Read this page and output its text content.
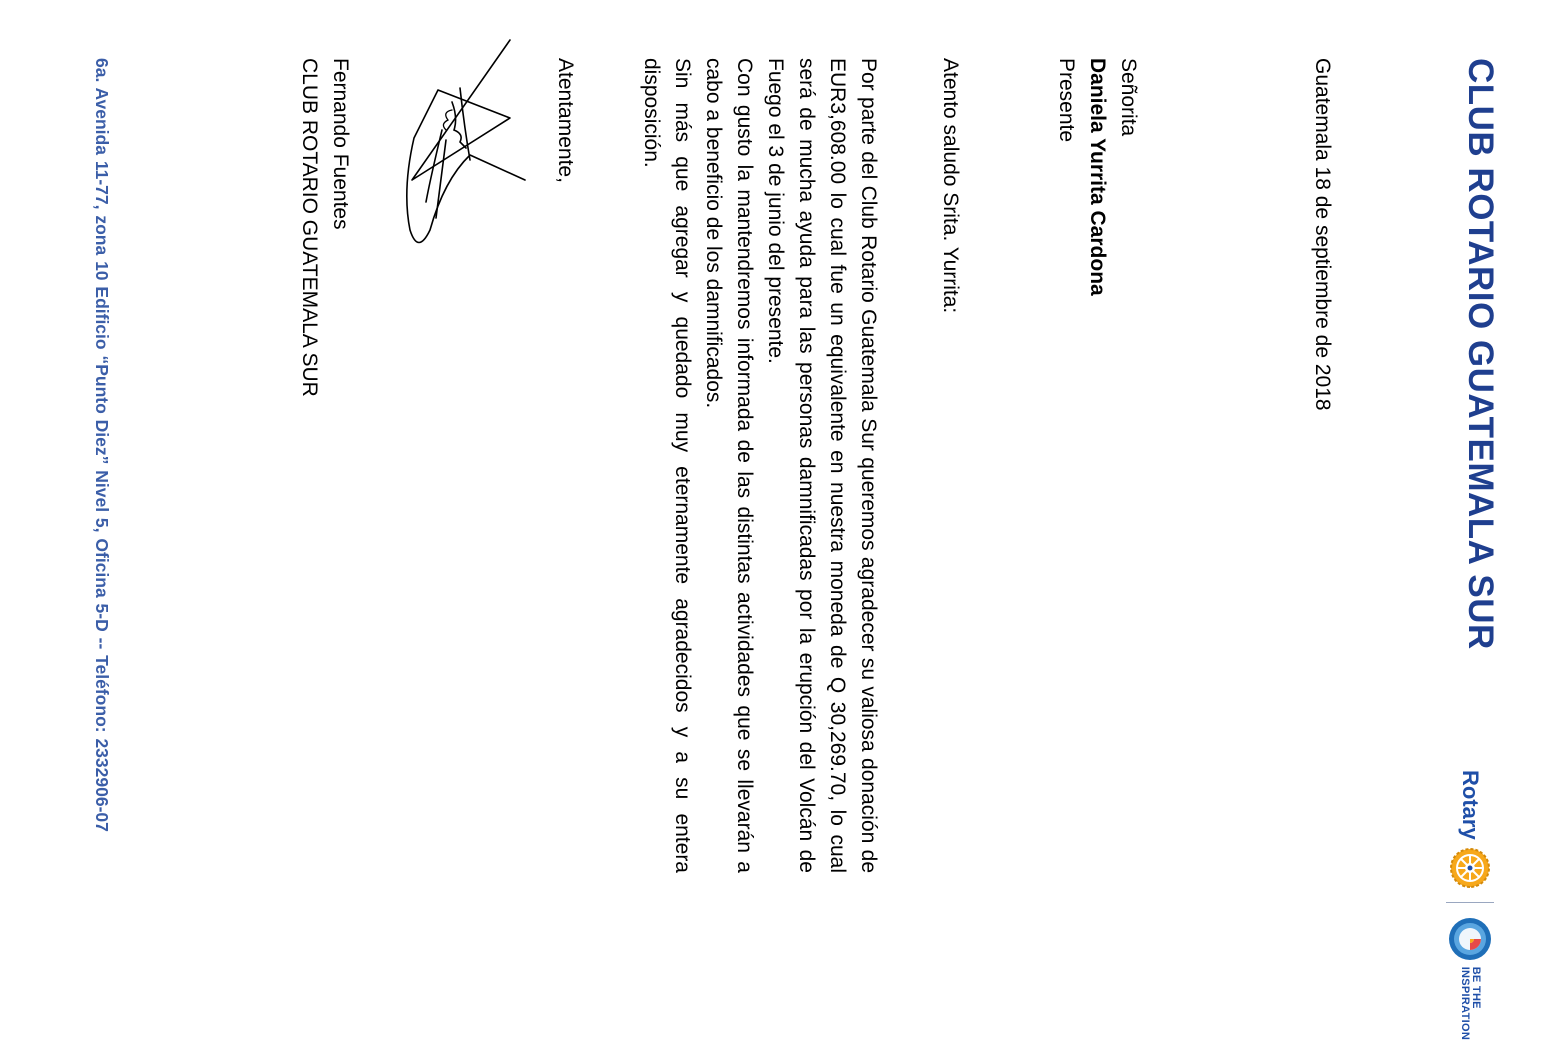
CLUB ROTARIO GUATEMALA SUR
Rotary
BE THE
INSPIRATION

Guatemala 18 de septiembre de 2018

Señorita

Daniela Yurrita Cardona

Presente

Atento saludo Srita. Yurrita:

Por parte del Club Rotario Guatemala Sur queremos agradecer su valiosa donación de EUR3,608.00 lo cual fue un equivalente en nuestra moneda de Q 30,269.70, lo cual será de mucha ayuda para las personas damnificadas por la erupción del Volcán de Fuego el 3 de junio del presente.

Con gusto la mantendremos informada de las distintas actividades que se llevarán a cabo a beneficio de los damnificados.

Sin más que agregar y quedado muy eternamente agradecidos y a su entera disposición.

Atentamente,

Fernando Fuentes

CLUB ROTARIO GUATEMALA SUR

6a. Avenida 11-77, zona 10 Edificio “Punto Diez” Nivel 5, Oficina 5-D -- Teléfono: 2332906-07
